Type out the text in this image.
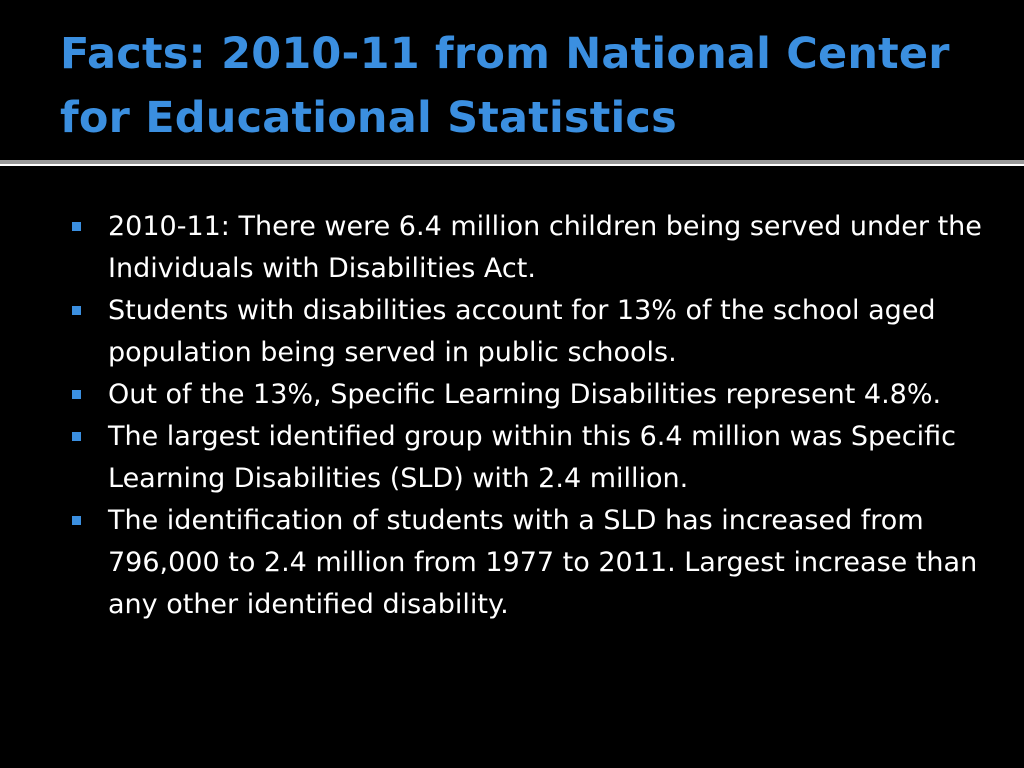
Facts: 2010-11 from National Center for Educational Statistics
2010-11: There were 6.4 million children being served under the Individuals with Disabilities Act.
Students with disabilities account for 13% of the school aged population being served in public schools.
Out of the 13%, Specific Learning Disabilities represent 4.8%.
The largest identified group within this 6.4 million was Specific Learning Disabilities (SLD) with 2.4 million.
The identification of students with a SLD has increased from 796,000 to 2.4 million from 1977 to 2011. Largest increase than any other identified disability.
